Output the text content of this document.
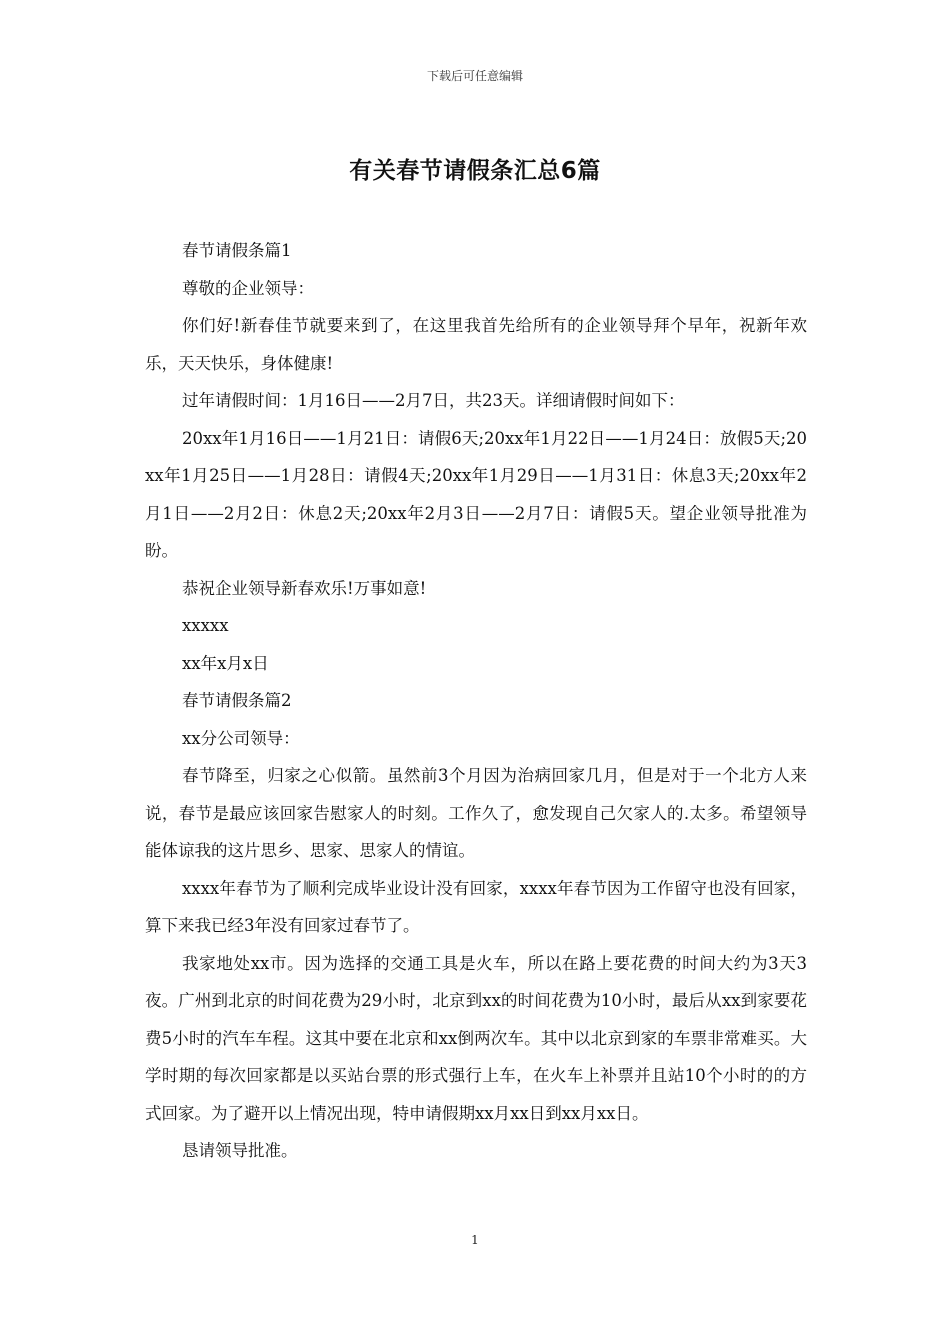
下载后可任意编辑
有关春节请假条汇总6篇

春节请假条篇1

尊敬的企业领导：

你们好!新春佳节就要来到了，在这里我首先给所有的企业领导拜个早年，祝新年欢乐，天天快乐，身体健康!

过年请假时间：1月16日——2月7日，共23天。详细请假时间如下：

20xx年1月16日——1月21日：请假6天;20xx年1月22日——1月24日：放假5天;20xx年1月25日——1月28日：请假4天;20xx年1月29日——1月31日：休息3天;20xx年2月1日——2月2日：休息2天;20xx年2月3日——2月7日：请假5天。望企业领导批准为盼。

恭祝企业领导新春欢乐!万事如意!

xxxxx

xx年x月x日

春节请假条篇2

xx分公司领导：

春节降至，归家之心似箭。虽然前3个月因为治病回家几月，但是对于一个北方人来说，春节是最应该回家告慰家人的时刻。工作久了，愈发现自己欠家人的.太多。希望领导能体谅我的这片思乡、思家、思家人的情谊。

xxxx年春节为了顺利完成毕业设计没有回家，xxxx年春节因为工作留守也没有回家，算下来我已经3年没有回家过春节了。

我家地处xx市。因为选择的交通工具是火车，所以在路上要花费的时间大约为3天3夜。广州到北京的时间花费为29小时，北京到xx的时间花费为10小时，最后从xx到家要花费5小时的汽车车程。这其中要在北京和xx倒两次车。其中以北京到家的车票非常难买。大学时期的每次回家都是以买站台票的形式强行上车，在火车上补票并且站10个小时的的方式回家。为了避开以上情况出现，特申请假期xx月xx日到xx月xx日。

恳请领导批准。

1
